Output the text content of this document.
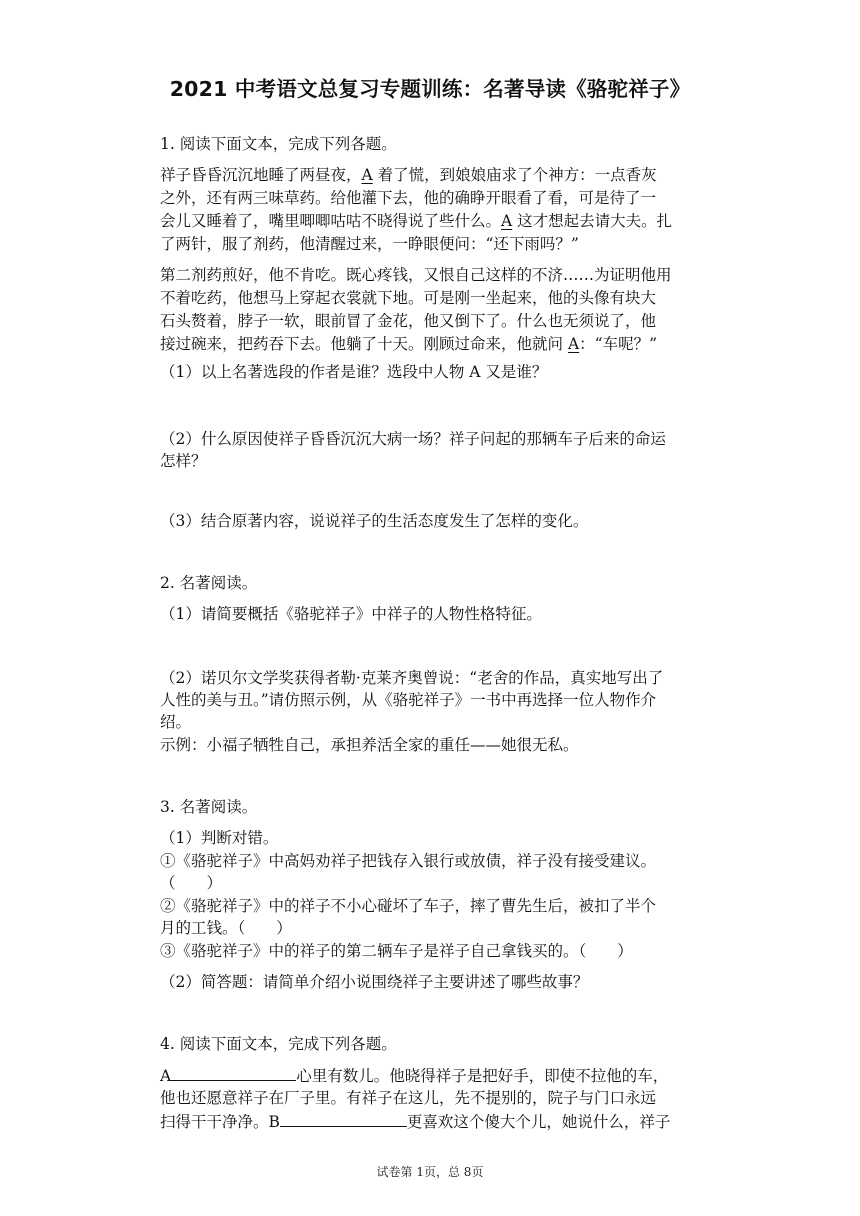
2021 中考语文总复习专题训练：名著导读《骆驼祥子》
1. 阅读下面文本，完成下列各题。
祥子昏昏沉沉地睡了两昼夜，A 着了慌，到娘娘庙求了个神方：一点香灰
之外，还有两三味草药。给他灌下去，他的确睁开眼看了看，可是待了一
会儿又睡着了，嘴里唧唧咕咕不晓得说了些什么。A 这才想起去请大夫。扎
了两针，服了剂药，他清醒过来，一睁眼便问：“还下雨吗？”
第二剂药煎好，他不肯吃。既心疼钱，又恨自己这样的不济……为证明他用
不着吃药，他想马上穿起衣裳就下地。可是刚一坐起来，他的头像有块大
石头赘着，脖子一软，眼前冒了金花，他又倒下了。什么也无须说了，他
接过碗来，把药吞下去。他躺了十天。刚顾过命来，他就问 A：“车呢？”
（1）以上名著选段的作者是谁？选段中人物 A 又是谁？
（2）什么原因使祥子昏昏沉沉大病一场？祥子问起的那辆车子后来的命运
怎样？
（3）结合原著内容，说说祥子的生活态度发生了怎样的变化。
2. 名著阅读。
（1）请简要概括《骆驼祥子》中祥子的人物性格特征。
（2）诺贝尔文学奖获得者勒·克莱齐奥曾说：“老舍的作品，真实地写出了
人性的美与丑。”请仿照示例，从《骆驼祥子》一书中再选择一位人物作介
绍。
示例：小福子牺牲自己，承担养活全家的重任——她很无私。
3. 名著阅读。
（1）判断对错。
①《骆驼祥子》中高妈劝祥子把钱存入银行或放债，祥子没有接受建议。
（　　）
②《骆驼祥子》中的祥子不小心碰坏了车子，摔了曹先生后，被扣了半个
月的工钱。（　　）
③《骆驼祥子》中的祥子的第二辆车子是祥子自己拿钱买的。（　　）
（2）简答题：请简单介绍小说围绕祥子主要讲述了哪些故事？
4. 阅读下面文本，完成下列各题。
A	心里有数儿。他晓得祥子是把好手，即使不拉他的车，
他也还愿意祥子在厂子里。有祥子在这儿，先不提别的，院子与门口永远
扫得干干净净。B	更喜欢这个傻大个儿，她说什么，祥子
试卷第 1页，总 8页
